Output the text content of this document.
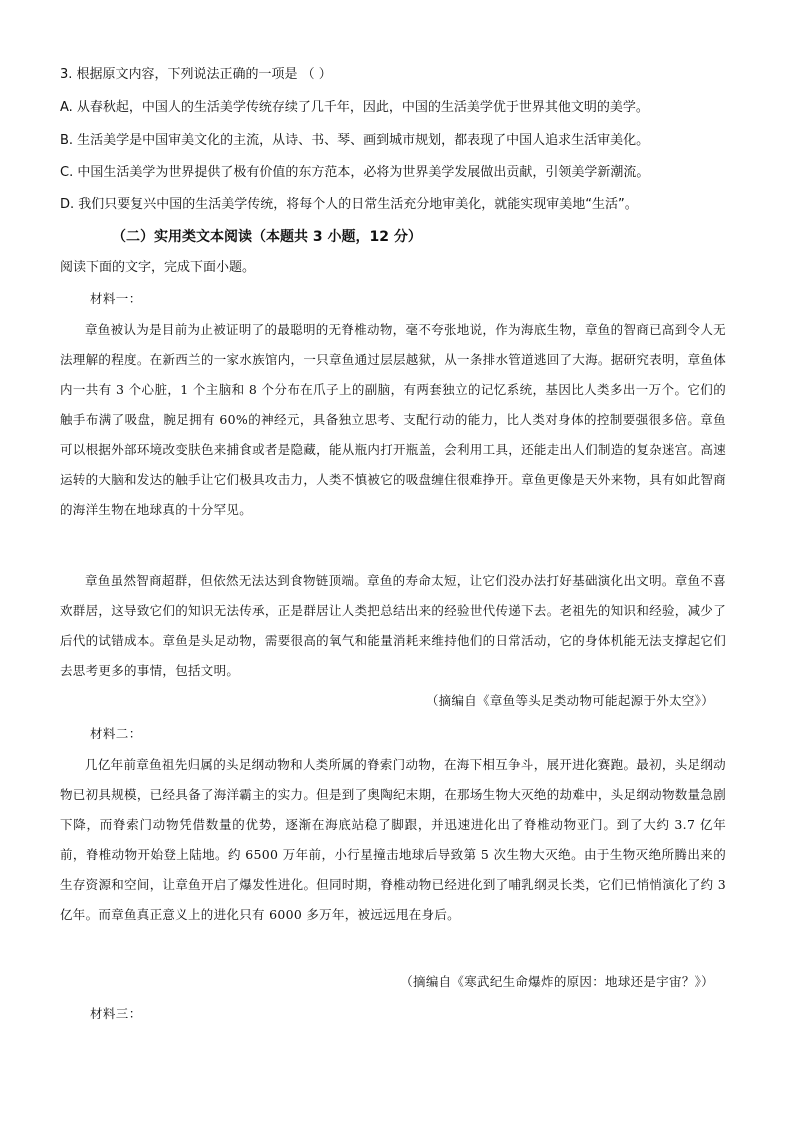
3. 根据原文内容，下列说法正确的一项是 （ ）
A. 从春秋起，中国人的生活美学传统存续了几千年，因此，中国的生活美学优于世界其他文明的美学。
B. 生活美学是中国审美文化的主流，从诗、书、琴、画到城市规划，都表现了中国人追求生活审美化。
C. 中国生活美学为世界提供了极有价值的东方范本，必将为世界美学发展做出贡献，引领美学新潮流。
D. 我们只要复兴中国的生活美学传统，将每个人的日常生活充分地审美化，就能实现审美地“生活”。
（二）实用类文本阅读（本题共 3 小题，12 分）
阅读下面的文字，完成下面小题。
材料一：
章鱼被认为是目前为止被证明了的最聪明的无脊椎动物，毫不夸张地说，作为海底生物，章鱼的智商已高到令人无法理解的程度。在新西兰的一家水族馆内，一只章鱼通过层层越狱，从一条排水管道逃回了大海。据研究表明，章鱼体内一共有 3 个心脏，1 个主脑和 8 个分布在爪子上的副脑，有两套独立的记忆系统，基因比人类多出一万个。它们的触手布满了吸盘，腕足拥有 60%的神经元，具备独立思考、支配行动的能力，比人类对身体的控制要强很多倍。章鱼可以根据外部环境改变肤色来捕食或者是隐藏，能从瓶内打开瓶盖，会利用工具，还能走出人们制造的复杂迷宫。高速运转的大脑和发达的触手让它们极具攻击力，人类不慎被它的吸盘缠住很难挣开。章鱼更像是天外来物，具有如此智商的海洋生物在地球真的十分罕见。
章鱼虽然智商超群，但依然无法达到食物链顶端。章鱼的寿命太短，让它们没办法打好基础演化出文明。章鱼不喜欢群居，这导致它们的知识无法传承，正是群居让人类把总结出来的经验世代传递下去。老祖先的知识和经验，减少了后代的试错成本。章鱼是头足动物，需要很高的氧气和能量消耗来维持他们的日常活动，它的身体机能无法支撑起它们去思考更多的事情，包括文明。
（摘编自《章鱼等头足类动物可能起源于外太空》）
材料二：
几亿年前章鱼祖先归属的头足纲动物和人类所属的脊索门动物，在海下相互争斗，展开进化赛跑。最初，头足纲动物已初具规模，已经具备了海洋霸主的实力。但是到了奥陶纪末期，在那场生物大灭绝的劫难中，头足纲动物数量急剧下降，而脊索门动物凭借数量的优势，逐渐在海底站稳了脚跟，并迅速进化出了脊椎动物亚门。到了大约 3.7 亿年前，脊椎动物开始登上陆地。约 6500 万年前，小行星撞击地球后导致第 5 次生物大灭绝。由于生物灭绝所腾出来的生存资源和空间，让章鱼开启了爆发性进化。但同时期，脊椎动物已经进化到了哺乳纲灵长类，它们已悄悄演化了约 3 亿年。而章鱼真正意义上的进化只有 6000 多万年，被远远甩在身后。
（摘编自《寒武纪生命爆炸的原因：地球还是宇宙？》）
材料三：
